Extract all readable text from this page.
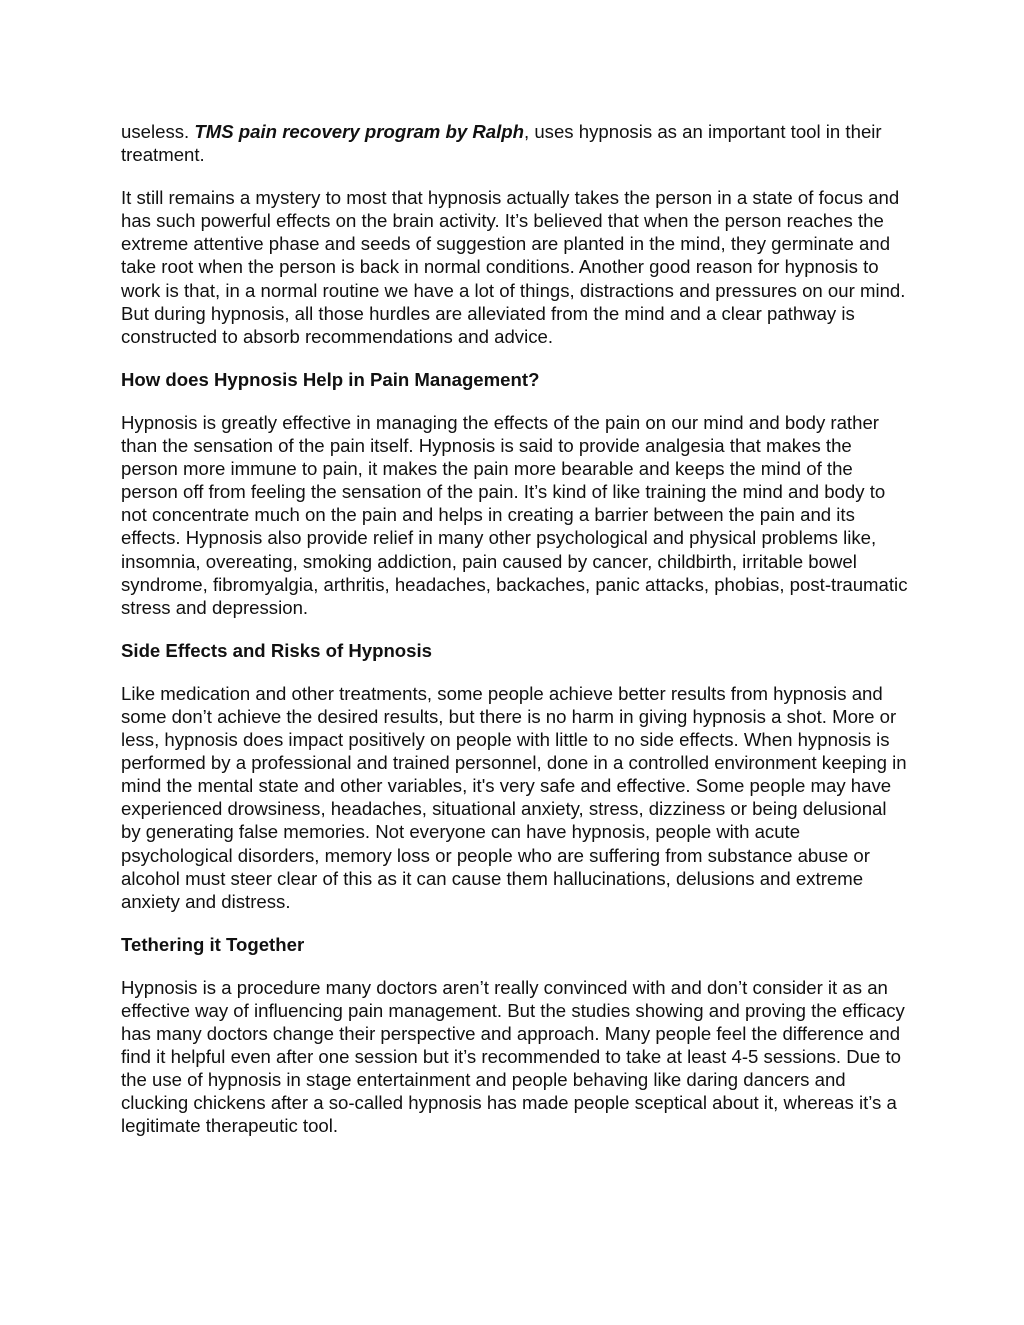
useless. TMS pain recovery program by Ralph, uses hypnosis as an important tool in their treatment.

It still remains a mystery to most that hypnosis actually takes the person in a state of focus and has such powerful effects on the brain activity. It’s believed that when the person reaches the extreme attentive phase and seeds of suggestion are planted in the mind, they germinate and take root when the person is back in normal conditions. Another good reason for hypnosis to work is that, in a normal routine we have a lot of things, distractions and pressures on our mind. But during hypnosis, all those hurdles are alleviated from the mind and a clear pathway is constructed to absorb recommendations and advice.

How does Hypnosis Help in Pain Management?

Hypnosis is greatly effective in managing the effects of the pain on our mind and body rather than the sensation of the pain itself. Hypnosis is said to provide analgesia that makes the person more immune to pain, it makes the pain more bearable and keeps the mind of the person off from feeling the sensation of the pain. It’s kind of like training the mind and body to not concentrate much on the pain and helps in creating a barrier between the pain and its effects. Hypnosis also provide relief in many other psychological and physical problems like, insomnia, overeating, smoking addiction, pain caused by cancer, childbirth, irritable bowel syndrome, fibromyalgia, arthritis, headaches, backaches, panic attacks, phobias, post-traumatic stress and depression.

Side Effects and Risks of Hypnosis

Like medication and other treatments, some people achieve better results from hypnosis and some don’t achieve the desired results, but there is no harm in giving hypnosis a shot. More or less, hypnosis does impact positively on people with little to no side effects. When hypnosis is performed by a professional and trained personnel, done in a controlled environment keeping in mind the mental state and other variables, it's very safe and effective. Some people may have experienced drowsiness, headaches, situational anxiety, stress, dizziness or being delusional by generating false memories. Not everyone can have hypnosis, people with acute psychological disorders, memory loss or people who are suffering from substance abuse or alcohol must steer clear of this as it can cause them hallucinations, delusions and extreme anxiety and distress.

Tethering it Together

Hypnosis is a procedure many doctors aren’t really convinced with and don’t consider it as an effective way of influencing pain management. But the studies showing and proving the efficacy has many doctors change their perspective and approach. Many people feel the difference and find it helpful even after one session but it’s recommended to take at least 4-5 sessions. Due to the use of hypnosis in stage entertainment and people behaving like daring dancers and clucking chickens after a so-called hypnosis has made people sceptical about it, whereas it’s a legitimate therapeutic tool.
